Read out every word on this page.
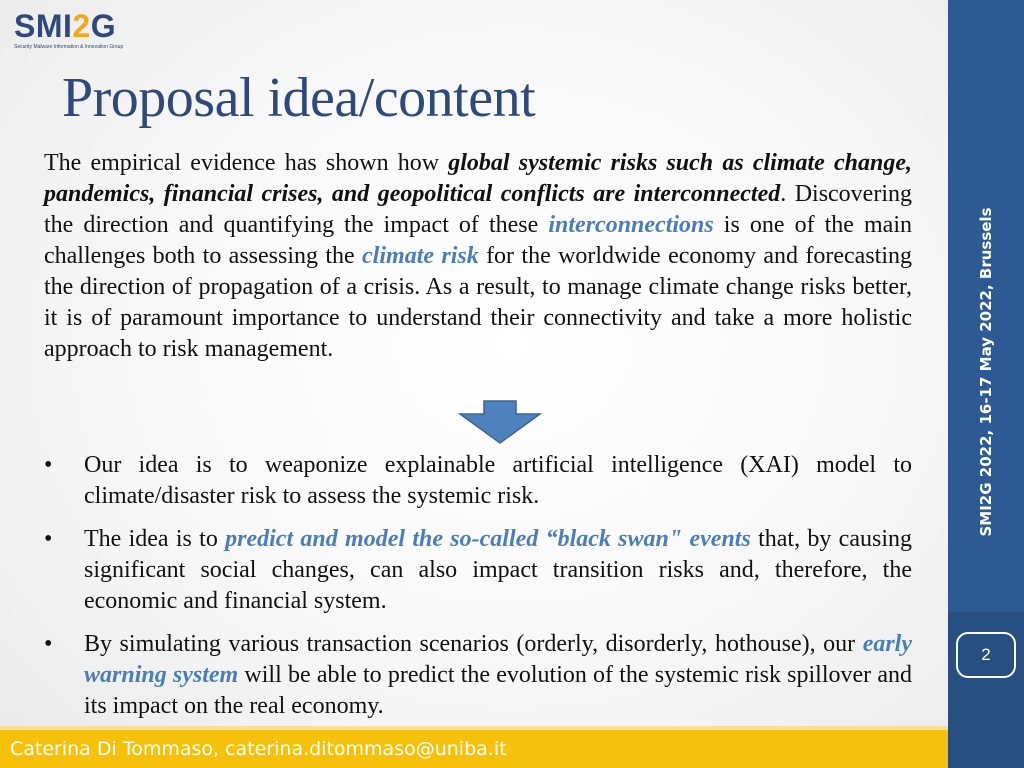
SMI2G
Security Malware Information & Innovation Group
Proposal idea/content

The empirical evidence has shown how global systemic risks such as climate change, pandemics, financial crises, and geopolitical conflicts are interconnected. Discovering the direction and quantifying the impact of these interconnections is one of the main challenges both to assessing the climate risk for the worldwide economy and forecasting the direction of propagation of a crisis. As a result, to manage climate change risks better, it is of paramount importance to understand their connectivity and take a more holistic approach to risk management.

• Our idea is to weaponize explainable artificial intelligence (XAI) model to climate/disaster risk to assess the systemic risk.
• The idea is to predict and model the so-called “black swan" events that, by causing significant social changes, can also impact transition risks and, therefore, the economic and financial system.
• By simulating various transaction scenarios (orderly, disorderly, hothouse), our early warning system will be able to predict the evolution of the systemic risk spillover and its impact on the real economy.
SMI2G 2022, 16-17 May 2022, Brussels
2
Caterina Di Tommaso, caterina.ditommaso@uniba.it
